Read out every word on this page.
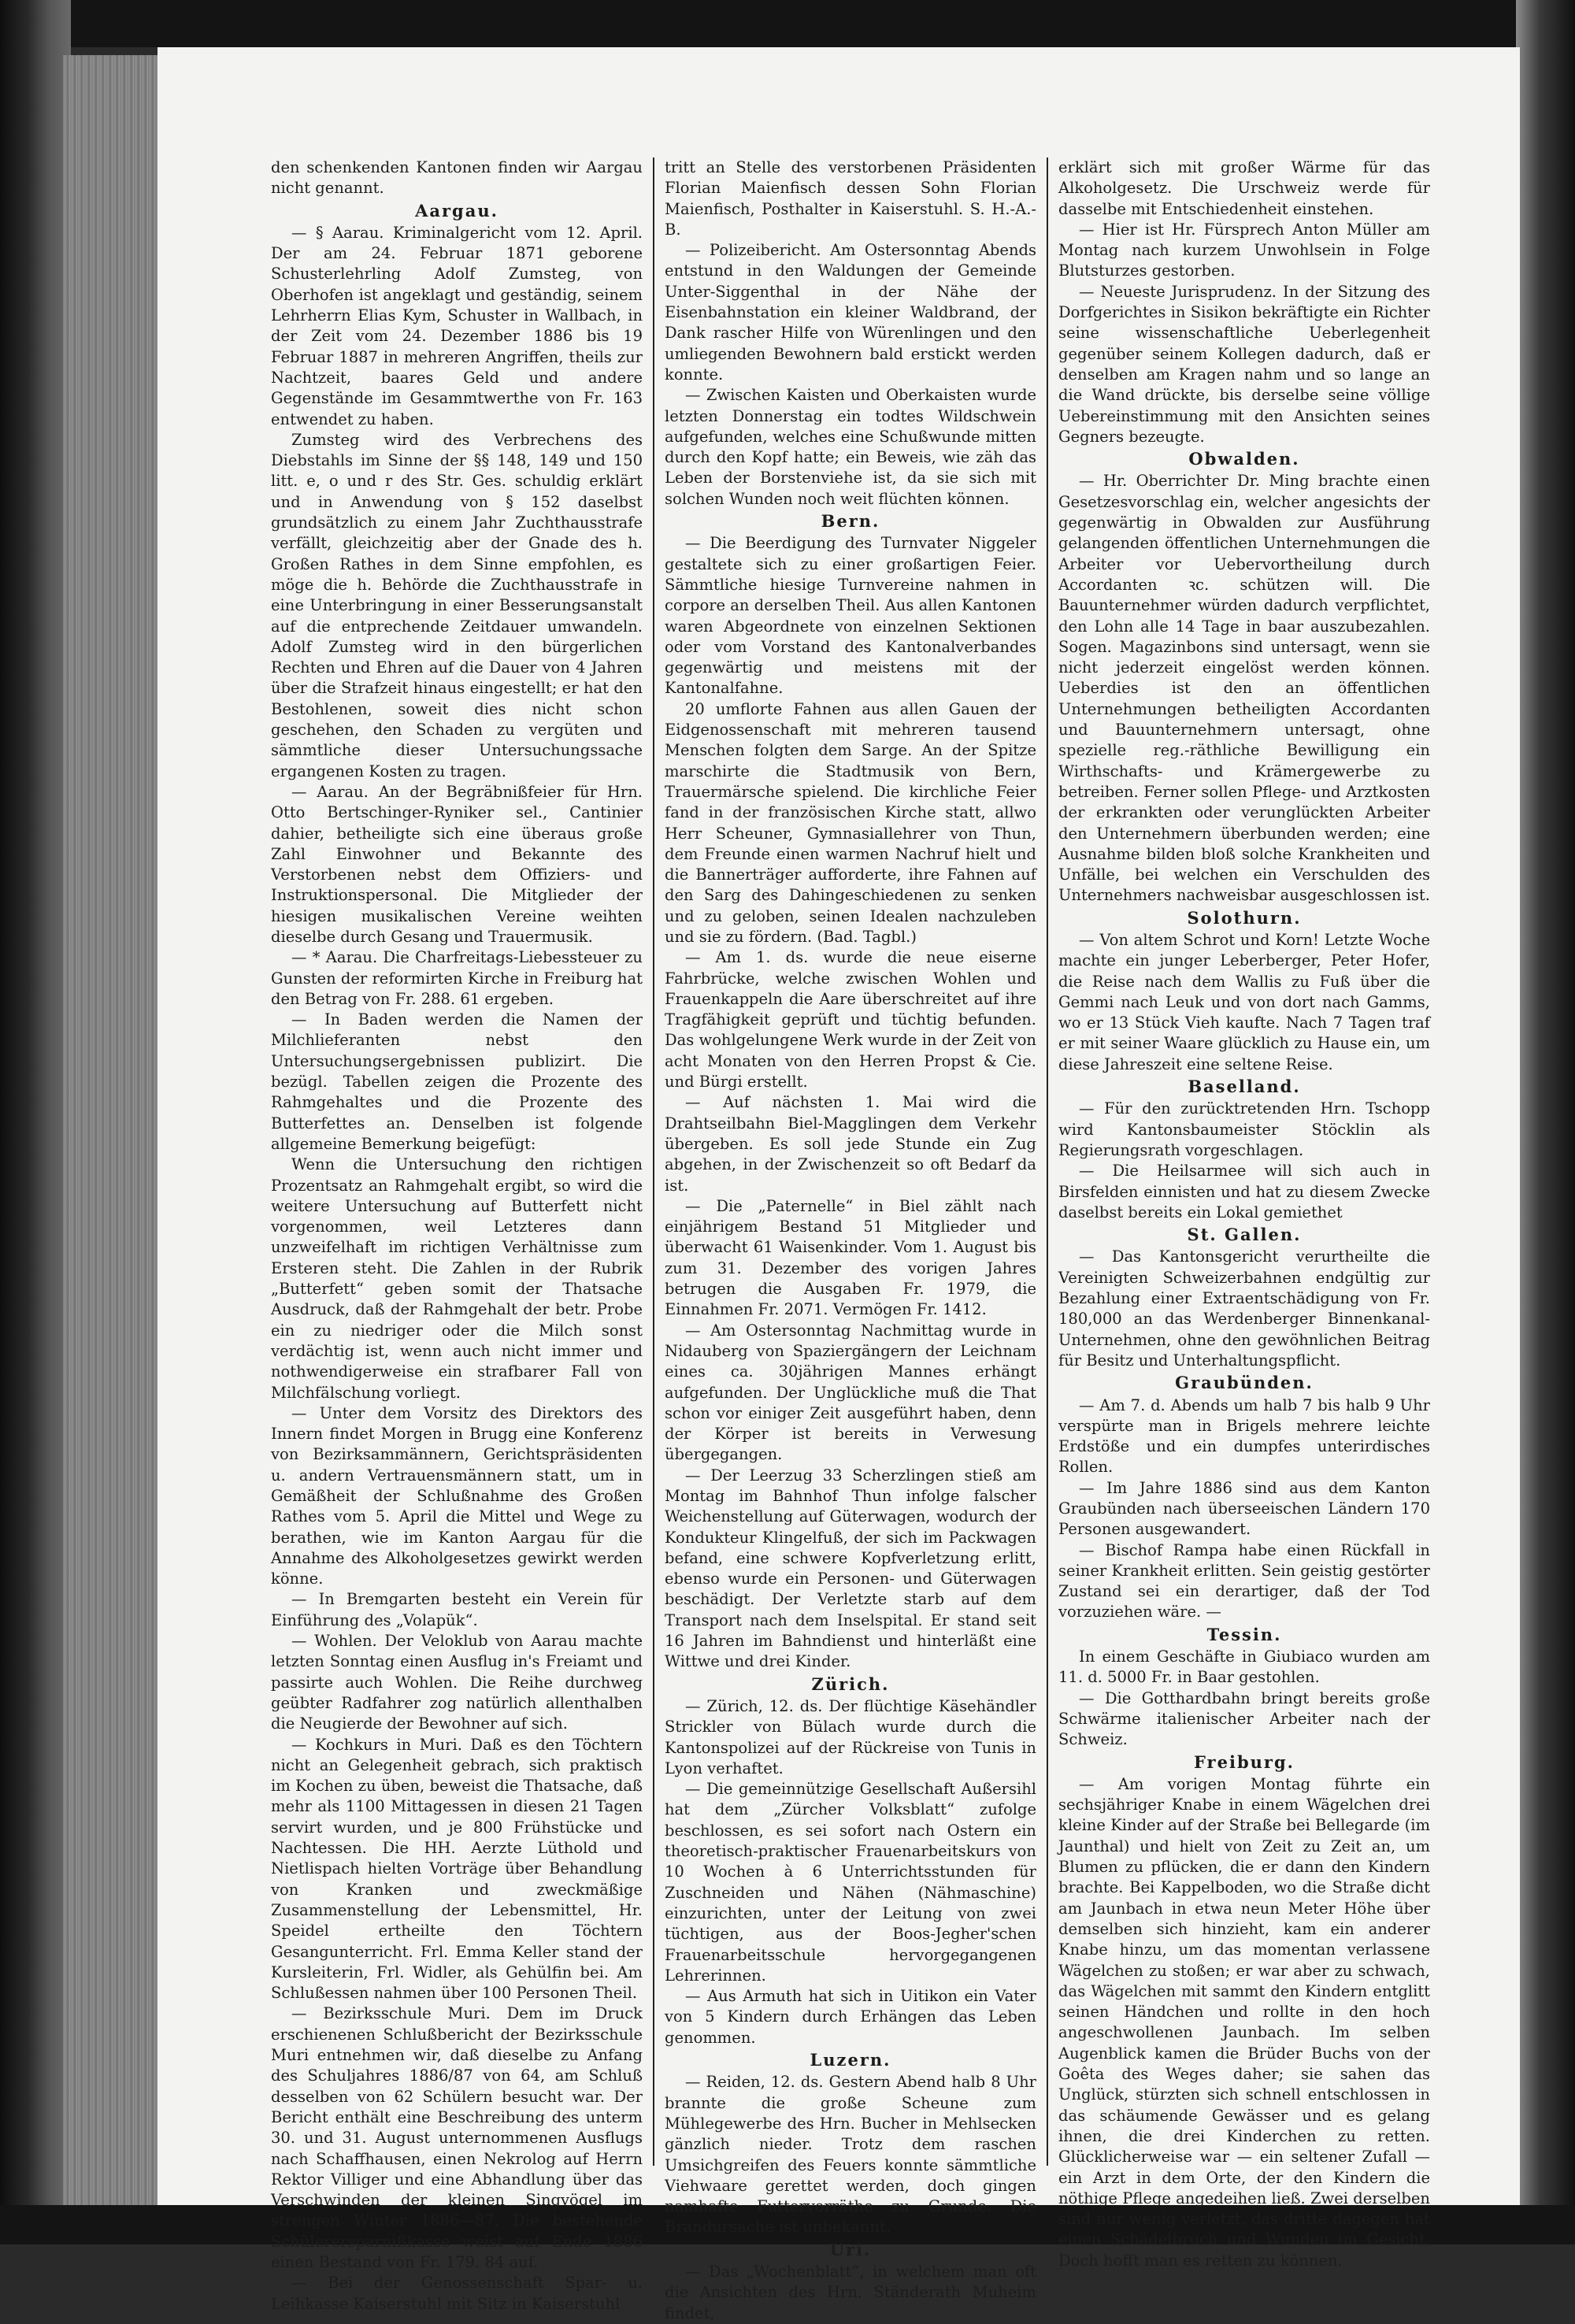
den schenkenden Kantonen finden wir Aargau nicht genannt.

Aargau.

— § Aarau. Kriminalgericht vom 12. April. Der am 24. Februar 1871 geborene Schusterlehrling Adolf Zumsteg, von Oberhofen ist angeklagt und geständig, seinem Lehrherrn Elias Kym, Schuster in Wallbach, in der Zeit vom 24. Dezember 1886 bis 19 Februar 1887 in mehreren Angriffen, theils zur Nachtzeit, baares Geld und andere Gegenstände im Gesammtwerthe von Fr. 163 entwendet zu haben.

Zumsteg wird des Verbrechens des Diebstahls im Sinne der §§ 148, 149 und 150 litt. e, o und r des Str. Ges. schuldig erklärt und in Anwendung von § 152 daselbst grundsätzlich zu einem Jahr Zuchthausstrafe verfällt, gleichzeitig aber der Gnade des h. Großen Rathes in dem Sinne empfohlen, es möge die h. Behörde die Zuchthausstrafe in eine Unterbringung in einer Besserungsanstalt auf die entprechende Zeitdauer umwandeln. Adolf Zumsteg wird in den bürgerlichen Rechten und Ehren auf die Dauer von 4 Jahren über die Strafzeit hinaus eingestellt; er hat den Bestohlenen, soweit dies nicht schon geschehen, den Schaden zu vergüten und sämmtliche dieser Untersuchungssache ergangenen Kosten zu tragen.

— Aarau. An der Begräbnißfeier für Hrn. Otto Bertschinger-Ryniker sel., Cantinier dahier, betheiligte sich eine überaus große Zahl Einwohner und Bekannte des Verstorbenen nebst dem Offiziers- und Instruktionspersonal. Die Mitglieder der hiesigen musikalischen Vereine weihten dieselbe durch Gesang und Trauermusik.

— * Aarau. Die Charfreitags-Liebessteuer zu Gunsten der reformirten Kirche in Freiburg hat den Betrag von Fr. 288. 61 ergeben.

— In Baden werden die Namen der Milchlieferanten nebst den Untersuchungsergebnissen publizirt. Die bezügl. Tabellen zeigen die Prozente des Rahmgehaltes und die Prozente des Butterfettes an. Denselben ist folgende allgemeine Bemerkung beigefügt:

Wenn die Untersuchung den richtigen Prozentsatz an Rahmgehalt ergibt, so wird die weitere Untersuchung auf Butterfett nicht vorgenommen, weil Letzteres dann unzweifelhaft im richtigen Verhältnisse zum Ersteren steht. Die Zahlen in der Rubrik „Butterfett“ geben somit der Thatsache Ausdruck, daß der Rahmgehalt der betr. Probe ein zu niedriger oder die Milch sonst verdächtig ist, wenn auch nicht immer und nothwendigerweise ein strafbarer Fall von Milchfälschung vorliegt.

— Unter dem Vorsitz des Direktors des Innern findet Morgen in Brugg eine Konferenz von Bezirksammännern, Gerichtspräsidenten u. andern Vertrauensmännern statt, um in Gemäßheit der Schlußnahme des Großen Rathes vom 5. April die Mittel und Wege zu berathen, wie im Kanton Aargau für die Annahme des Alkoholgesetzes gewirkt werden könne.

— In Bremgarten besteht ein Verein für Einführung des „Volapük“.

— Wohlen. Der Veloklub von Aarau machte letzten Sonntag einen Ausflug in's Freiamt und passirte auch Wohlen. Die Reihe durchweg geübter Radfahrer zog natürlich allenthalben die Neugierde der Bewohner auf sich.

— Kochkurs in Muri. Daß es den Töchtern nicht an Gelegenheit gebrach, sich praktisch im Kochen zu üben, beweist die Thatsache, daß mehr als 1100 Mittagessen in diesen 21 Tagen servirt wurden, und je 800 Frühstücke und Nachtessen. Die HH. Aerzte Lüthold und Nietlispach hielten Vorträge über Behandlung von Kranken und zweckmäßige Zusammenstellung der Lebensmittel, Hr. Speidel ertheilte den Töchtern Gesangunterricht. Frl. Emma Keller stand der Kursleiterin, Frl. Widler, als Gehülfin bei. Am Schlußessen nahmen über 100 Personen Theil.

— Bezirksschule Muri. Dem im Druck erschienenen Schlußbericht der Bezirksschule Muri entnehmen wir, daß dieselbe zu Anfang des Schuljahres 1886/87 von 64, am Schluß desselben von 62 Schülern besucht war. Der Bericht enthält eine Beschreibung des unterm 30. und 31. August unternommenen Ausflugs nach Schaffhausen, einen Nekrolog auf Herrn Rektor Villiger und eine Abhandlung über das Verschwinden der kleinen Singvögel im strengen Winter 1886—87. Die bestehende Schülerersparnißkasse weist auf Ende 1886 einen Bestand von Fr. 179. 84 auf.

— Bei der Genossenschaft Spar- u. Leihkasse Kaiserstuhl mit Sitz in Kaiserstuhl

tritt an Stelle des verstorbenen Präsidenten Florian Maienfisch dessen Sohn Florian Maienfisch, Posthalter in Kaiserstuhl. S. H.-A.-B.

— Polizeibericht. Am Ostersonntag Abends entstund in den Waldungen der Gemeinde Unter-Siggenthal in der Nähe der Eisenbahnstation ein kleiner Waldbrand, der Dank rascher Hilfe von Würenlingen und den umliegenden Bewohnern bald erstickt werden konnte.

— Zwischen Kaisten und Oberkaisten wurde letzten Donnerstag ein todtes Wildschwein aufgefunden, welches eine Schußwunde mitten durch den Kopf hatte; ein Beweis, wie zäh das Leben der Borstenviehe ist, da sie sich mit solchen Wunden noch weit flüchten können.

Bern.

— Die Beerdigung des Turnvater Niggeler gestaltete sich zu einer großartigen Feier. Sämmtliche hiesige Turnvereine nahmen in corpore an derselben Theil. Aus allen Kantonen waren Abgeordnete von einzelnen Sektionen oder vom Vorstand des Kantonalverbandes gegenwärtig und meistens mit der Kantonalfahne.

20 umflorte Fahnen aus allen Gauen der Eidgenossenschaft mit mehreren tausend Menschen folgten dem Sarge. An der Spitze marschirte die Stadtmusik von Bern, Trauermärsche spielend. Die kirchliche Feier fand in der französischen Kirche statt, allwo Herr Scheuner, Gymnasiallehrer von Thun, dem Freunde einen warmen Nachruf hielt und die Bannerträger aufforderte, ihre Fahnen auf den Sarg des Dahingeschiedenen zu senken und zu geloben, seinen Idealen nachzuleben und sie zu fördern. (Bad. Tagbl.)

— Am 1. ds. wurde die neue eiserne Fahrbrücke, welche zwischen Wohlen und Frauenkappeln die Aare überschreitet auf ihre Tragfähigkeit geprüft und tüchtig befunden. Das wohlgelungene Werk wurde in der Zeit von acht Monaten von den Herren Propst & Cie. und Bürgi erstellt.

— Auf nächsten 1. Mai wird die Drahtseilbahn Biel-Magglingen dem Verkehr übergeben. Es soll jede Stunde ein Zug abgehen, in der Zwischenzeit so oft Bedarf da ist.

— Die „Paternelle“ in Biel zählt nach einjährigem Bestand 51 Mitglieder und überwacht 61 Waisenkinder. Vom 1. August bis zum 31. Dezember des vorigen Jahres betrugen die Ausgaben Fr. 1979, die Einnahmen Fr. 2071. Vermögen Fr. 1412.

— Am Ostersonntag Nachmittag wurde in Nidauberg von Spaziergängern der Leichnam eines ca. 30jährigen Mannes erhängt aufgefunden. Der Unglückliche muß die That schon vor einiger Zeit ausgeführt haben, denn der Körper ist bereits in Verwesung übergegangen.

— Der Leerzug 33 Scherzlingen stieß am Montag im Bahnhof Thun infolge falscher Weichenstellung auf Güterwagen, wodurch der Kondukteur Klingelfuß, der sich im Packwagen befand, eine schwere Kopfverletzung erlitt, ebenso wurde ein Personen- und Güterwagen beschädigt. Der Verletzte starb auf dem Transport nach dem Inselspital. Er stand seit 16 Jahren im Bahndienst und hinterläßt eine Wittwe und drei Kinder.

Zürich.

— Zürich, 12. ds. Der flüchtige Käsehändler Strickler von Bülach wurde durch die Kantonspolizei auf der Rückreise von Tunis in Lyon verhaftet.

— Die gemeinnützige Gesellschaft Außersihl hat dem „Zürcher Volksblatt“ zufolge beschlossen, es sei sofort nach Ostern ein theoretisch-praktischer Frauenarbeitskurs von 10 Wochen à 6 Unterrichtsstunden für Zuschneiden und Nähen (Nähmaschine) einzurichten, unter der Leitung von zwei tüchtigen, aus der Boos-Jegher'schen Frauenarbeitsschule hervorgegangenen Lehrerinnen.

— Aus Armuth hat sich in Uitikon ein Vater von 5 Kindern durch Erhängen das Leben genommen.

Luzern.

— Reiden, 12. ds. Gestern Abend halb 8 Uhr brannte die große Scheune zum Mühlegewerbe des Hrn. Bucher in Mehlsecken gänzlich nieder. Trotz dem raschen Umsichgreifen des Feuers konnte sämmtliche Viehwaare gerettet werden, doch gingen namhafte Futtervorräthe zu Grunde. Die Brandursache ist unbekannt.

Uri.

— Das „Wochenblatt“, in welchem man oft die Ansichten des Hrn. Ständerath Muheim findet,

erklärt sich mit großer Wärme für das Alkoholgesetz. Die Urschweiz werde für dasselbe mit Entschiedenheit einstehen.

— Hier ist Hr. Fürsprech Anton Müller am Montag nach kurzem Unwohlsein in Folge Blutsturzes gestorben.

— Neueste Jurisprudenz. In der Sitzung des Dorfgerichtes in Sisikon bekräftigte ein Richter seine wissenschaftliche Ueberlegenheit gegenüber seinem Kollegen dadurch, daß er denselben am Kragen nahm und so lange an die Wand drückte, bis derselbe seine völlige Uebereinstimmung mit den Ansichten seines Gegners bezeugte.

Obwalden.

— Hr. Oberrichter Dr. Ming brachte einen Gesetzesvorschlag ein, welcher angesichts der gegenwärtig in Obwalden zur Ausführung gelangenden öffentlichen Unternehmungen die Arbeiter vor Uebervortheilung durch Accordanten ꝛc. schützen will. Die Bauunternehmer würden dadurch verpflichtet, den Lohn alle 14 Tage in baar auszubezahlen. Sogen. Magazinbons sind untersagt, wenn sie nicht jederzeit eingelöst werden können. Ueberdies ist den an öffentlichen Unternehmungen betheiligten Accordanten und Bauunternehmern untersagt, ohne spezielle reg.-räthliche Bewilligung ein Wirthschafts- und Krämergewerbe zu betreiben. Ferner sollen Pflege- und Arztkosten der erkrankten oder verunglückten Arbeiter den Unternehmern überbunden werden; eine Ausnahme bilden bloß solche Krankheiten und Unfälle, bei welchen ein Verschulden des Unternehmers nachweisbar ausgeschlossen ist.

Solothurn.

— Von altem Schrot und Korn! Letzte Woche machte ein junger Leberberger, Peter Hofer, die Reise nach dem Wallis zu Fuß über die Gemmi nach Leuk und von dort nach Gamms, wo er 13 Stück Vieh kaufte. Nach 7 Tagen traf er mit seiner Waare glücklich zu Hause ein, um diese Jahreszeit eine seltene Reise.

Baselland.

— Für den zurücktretenden Hrn. Tschopp wird Kantonsbaumeister Stöcklin als Regierungsrath vorgeschlagen.

— Die Heilsarmee will sich auch in Birsfelden einnisten und hat zu diesem Zwecke daselbst bereits ein Lokal gemiethet

St. Gallen.

— Das Kantonsgericht verurtheilte die Vereinigten Schweizerbahnen endgültig zur Bezahlung einer Extraentschädigung von Fr. 180,000 an das Werdenberger Binnenkanal-Unternehmen, ohne den gewöhnlichen Beitrag für Besitz und Unterhaltungspflicht.

Graubünden.

— Am 7. d. Abends um halb 7 bis halb 9 Uhr verspürte man in Brigels mehrere leichte Erdstöße und ein dumpfes unterirdisches Rollen.

— Im Jahre 1886 sind aus dem Kanton Graubünden nach überseeischen Ländern 170 Personen ausgewandert.

— Bischof Rampa habe einen Rückfall in seiner Krankheit erlitten. Sein geistig gestörter Zustand sei ein derartiger, daß der Tod vorzuziehen wäre. —

Tessin.

In einem Geschäfte in Giubiaco wurden am 11. d. 5000 Fr. in Baar gestohlen.

— Die Gotthardbahn bringt bereits große Schwärme italienischer Arbeiter nach der Schweiz.

Freiburg.

— Am vorigen Montag führte ein sechsjähriger Knabe in einem Wägelchen drei kleine Kinder auf der Straße bei Bellegarde (im Jaunthal) und hielt von Zeit zu Zeit an, um Blumen zu pflücken, die er dann den Kindern brachte. Bei Kappelboden, wo die Straße dicht am Jaunbach in etwa neun Meter Höhe über demselben sich hinzieht, kam ein anderer Knabe hinzu, um das momentan verlassene Wägelchen zu stoßen; er war aber zu schwach, das Wägelchen mit sammt den Kindern entglitt seinen Händchen und rollte in den hoch angeschwollenen Jaunbach. Im selben Augenblick kamen die Brüder Buchs von der Goêta des Weges daher; sie sahen das Unglück, stürzten sich schnell entschlossen in das schäumende Gewässer und es gelang ihnen, die drei Kinderchen zu retten. Glücklicherweise war — ein seltener Zufall — ein Arzt in dem Orte, der den Kindern die nöthige Pflege angedeihen ließ. Zwei derselben sind nur wenig verletzt, das dritte dagegen hat einen Schädelbruch und Wunden im Gesicht. Doch hofft man es retten zu können.
